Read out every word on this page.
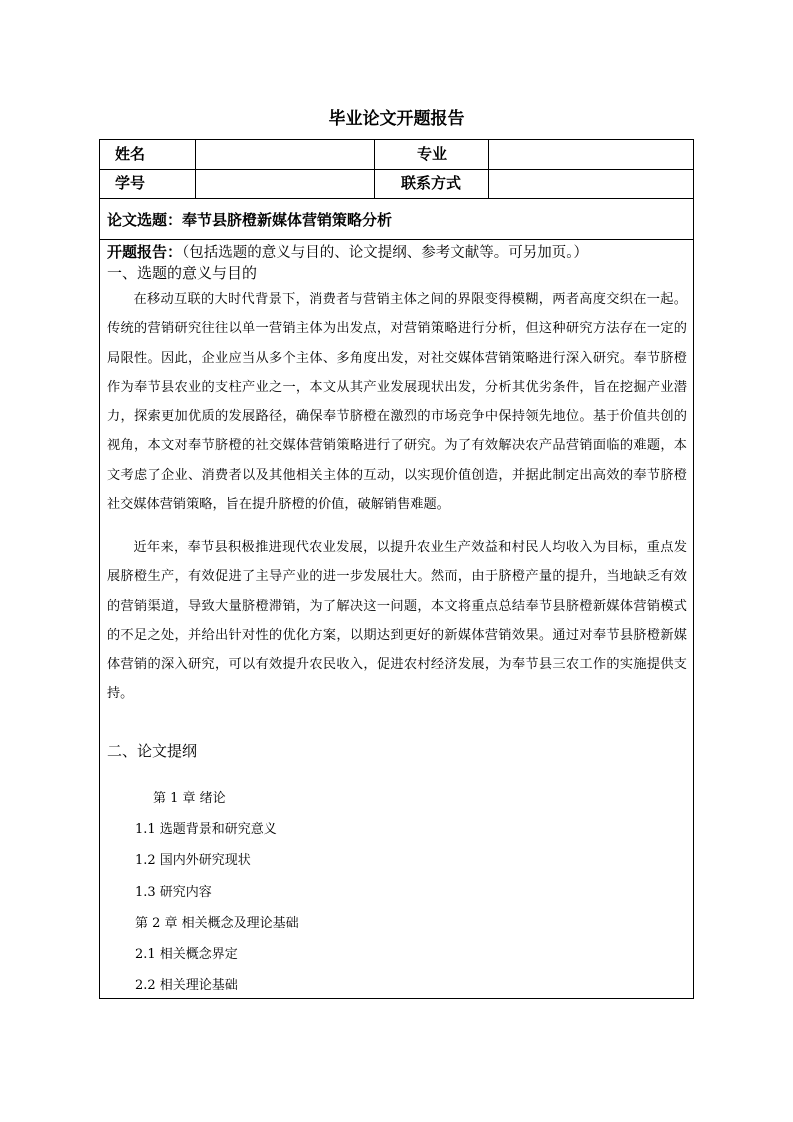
毕业论文开题报告
姓名	专业
学号	联系方式
论文选题：奉节县脐橙新媒体营销策略分析
开题报告：（包括选题的意义与目的、论文提纲、参考文献等。可另加页。）
一、选题的意义与目的

在移动互联的大时代背景下，消费者与营销主体之间的界限变得模糊，两者高度交织在一起。传统的营销研究往往以单一营销主体为出发点，对营销策略进行分析，但这种研究方法存在一定的局限性。因此，企业应当从多个主体、多角度出发，对社交媒体营销策略进行深入研究。奉节脐橙作为奉节县农业的支柱产业之一，本文从其产业发展现状出发，分析其优劣条件，旨在挖掘产业潜力，探索更加优质的发展路径，确保奉节脐橙在激烈的市场竞争中保持领先地位。基于价值共创的视角，本文对奉节脐橙的社交媒体营销策略进行了研究。为了有效解决农产品营销面临的难题，本文考虑了企业、消费者以及其他相关主体的互动，以实现价值创造，并据此制定出高效的奉节脐橙社交媒体营销策略，旨在提升脐橙的价值，破解销售难题。

近年来，奉节县积极推进现代农业发展，以提升农业生产效益和村民人均收入为目标，重点发展脐橙生产，有效促进了主导产业的进一步发展壮大。然而，由于脐橙产量的提升，当地缺乏有效的营销渠道，导致大量脐橙滞销，为了解决这一问题，本文将重点总结奉节县脐橙新媒体营销模式的不足之处，并给出针对性的优化方案，以期达到更好的新媒体营销效果。通过对奉节县脐橙新媒体营销的深入研究，可以有效提升农民收入，促进农村经济发展，为奉节县三农工作的实施提供支持。

二、论文提纲
第 1 章 绪论
1.1 选题背景和研究意义
1.2 国内外研究现状
1.3 研究内容
第 2 章 相关概念及理论基础
2.1 相关概念界定
2.2 相关理论基础
